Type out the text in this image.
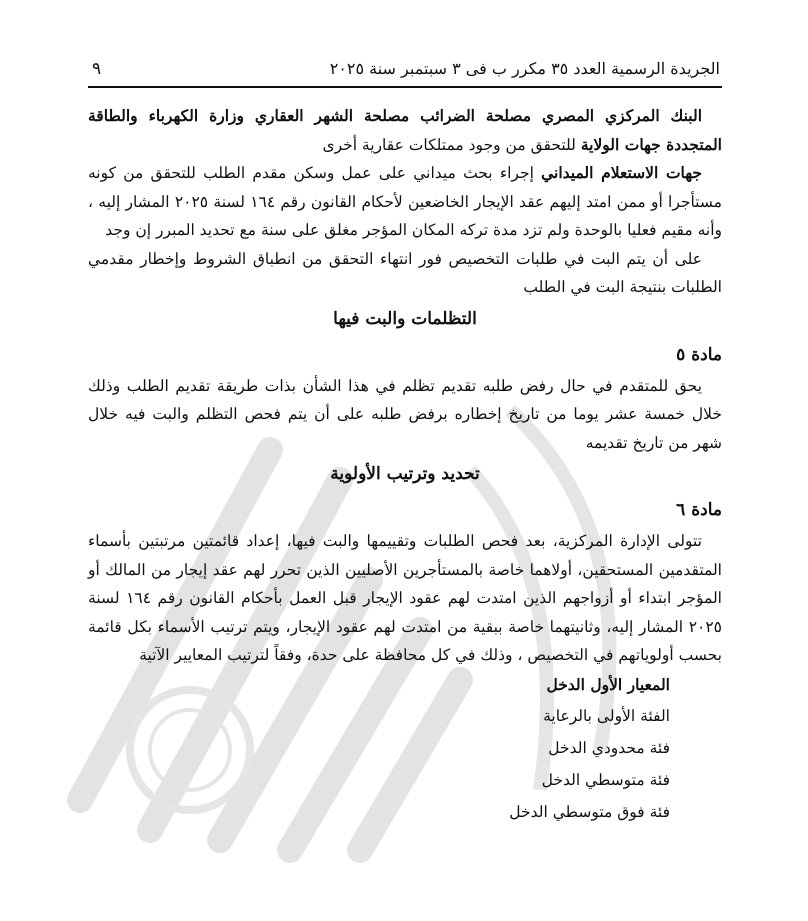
الجريدة الرسمية العدد ٣٥ مكرر ب فى ٣ سبتمبر سنة ٢٠٢٥
٩

البنك المركزي المصري مصلحة الضرائب مصلحة الشهر العقاري وزارة الكهرباء والطاقة المتجددة جهات الولاية للتحقق من وجود ممتلكات عقارية أخرى

جهات الاستعلام الميداني إجراء بحث ميداني على عمل وسكن مقدم الطلب للتحقق من كونه مستأجرا أو ممن امتد إليهم عقد الإيجار الخاضعين لأحكام القانون رقم ١٦٤ لسنة ٢٠٢٥ المشار إليه ، وأنه مقيم فعليا بالوحدة ولم تزد مدة تركه المكان المؤجر مغلق على سنة مع تحديد المبرر إن وجد

على أن يتم البت في طلبات التخصيص فور انتهاء التحقق من انطباق الشروط وإخطار مقدمي الطلبات بنتيجة البت في الطلب

التظلمات والبت فيها
مادة ٥

يحق للمتقدم في حال رفض طلبه تقديم تظلم في هذا الشأن بذات طريقة تقديم الطلب وذلك خلال خمسة عشر يوما من تاريخ إخطاره برفض طلبه على أن يتم فحص التظلم والبت فيه خلال شهر من تاريخ تقديمه

تحديد وترتيب الأولوية
مادة ٦

تتولى الإدارة المركزية، بعد فحص الطلبات وتقييمها والبت فيها، إعداد قائمتين مرتبتين بأسماء المتقدمين المستحقين، أولاهما خاصة بالمستأجرين الأصليين الذين تحرر لهم عقد إيجار من المالك أو المؤجر ابتداء أو أزواجهم الذين امتدت لهم عقود الإيجار قبل العمل بأحكام القانون رقم ١٦٤ لسنة ٢٠٢٥ المشار إليه، وثانيتهما خاصة ببقية من امتدت لهم عقود الإيجار، ويتم ترتيب الأسماء بكل قائمة بحسب أولوياتهم في التخصيص ، وذلك في كل محافظة على حدة، وفقاً لترتيب المعايير الآتية

المعيار الأول الدخل
الفئة الأولى بالرعاية
فئة محدودي الدخل
فئة متوسطي الدخل
فئة فوق متوسطي الدخل
